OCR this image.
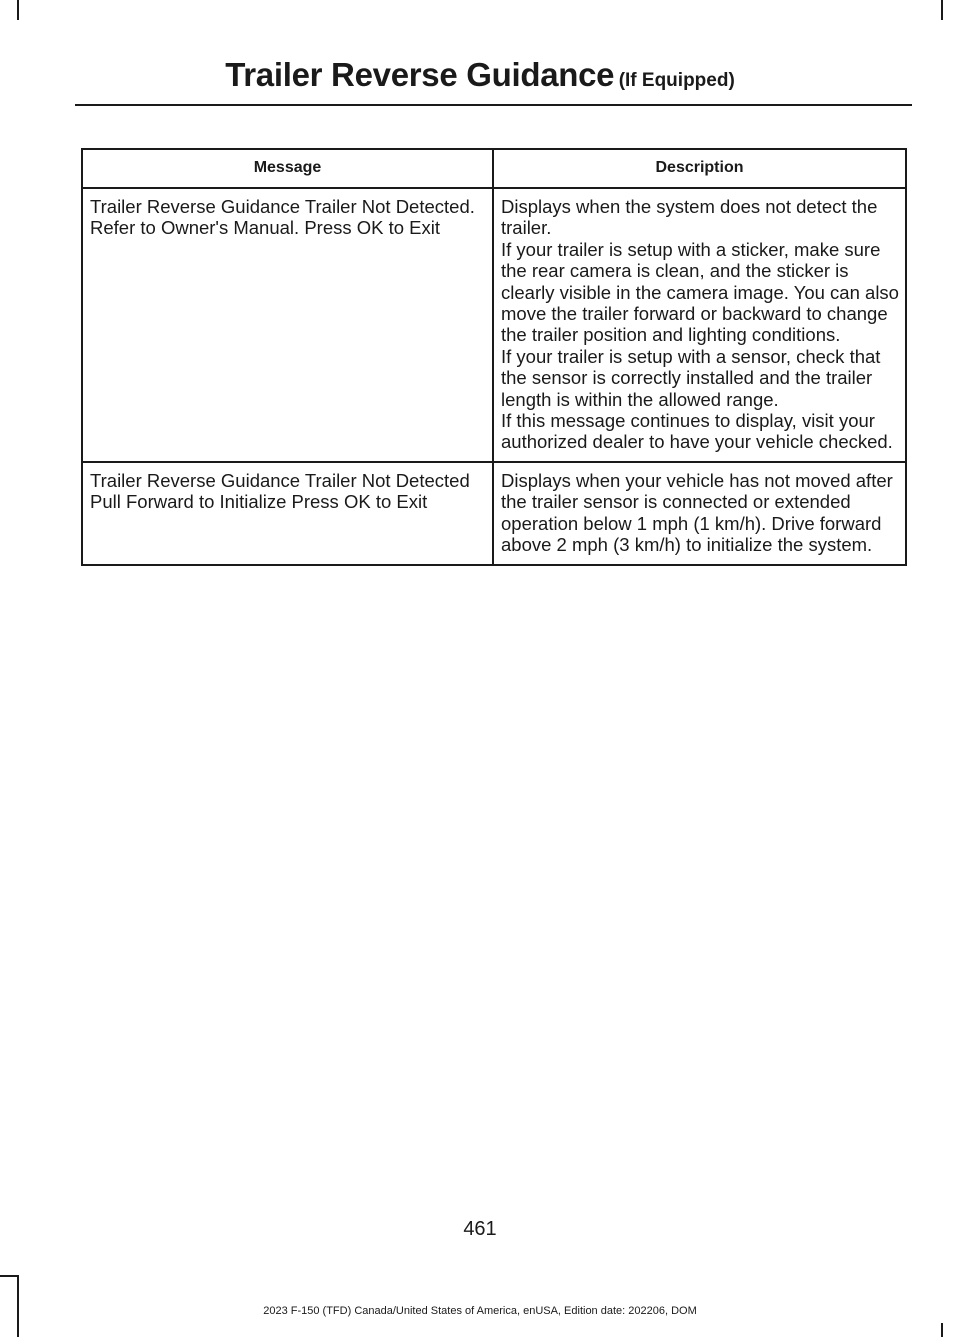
Trailer Reverse Guidance (If Equipped)
Message	Description
Trailer Reverse Guidance Trailer Not Detected. Refer to Owner's Manual. Press OK to Exit	Displays when the system does not detect the trailer.
If your trailer is setup with a sticker, make sure the rear camera is clean, and the sticker is clearly visible in the camera image. You can also move the trailer forward or backward to change the trailer position and lighting conditions.
If your trailer is setup with a sensor, check that the sensor is correctly installed and the trailer length is within the allowed range.
If this message continues to display, visit your authorized dealer to have your vehicle checked.

Trailer Reverse Guidance Trailer Not Detected Pull Forward to Initialize Press OK to Exit	Displays when your vehicle has not moved after the trailer sensor is connected or extended operation below 1 mph (1 km/h). Drive forward above 2 mph (3 km/h) to initialize the system.
461
2023 F-150 (TFD) Canada/United States of America, enUSA, Edition date: 202206, DOM
